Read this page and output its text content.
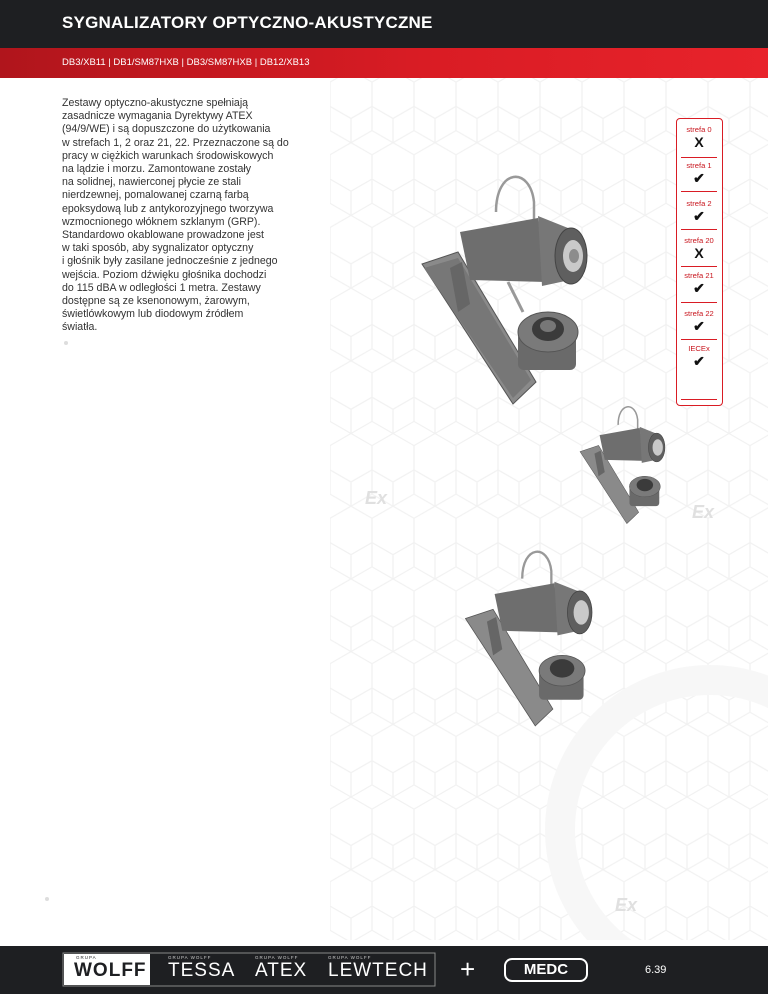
SYGNALIZATORY OPTYCZNO-AKUSTYCZNE
DB3/XB11 | DB1/SM87HXB | DB3/SM87HXB | DB12/XB13
Zestawy optyczno-akustyczne spełniają
zasadnicze wymagania Dyrektywy ATEX
(94/9/WE) i są dopuszczone do użytkowania
w strefach 1, 2 oraz 21, 22. Przeznaczone są do
pracy w ciężkich warunkach środowiskowych
na lądzie i morzu. Zamontowane zostały
na solidnej, nawierconej płycie ze stali
nierdzewnej, pomalowanej czarną farbą
epoksydową lub z antykorozyjnego tworzywa
wzmocnionego włóknem szklanym (GRP).
Standardowo okablowane prowadzone jest
w taki sposób, aby sygnalizator optyczny
i głośnik były zasilane jednocześnie z jednego
wejścia. Poziom dźwięku głośnika dochodzi
do 115 dBA w odległości 1 metra. Zestawy
dostępne są ze ksenonowym, żarowym,
świetlówkowym lub diodowym źródłem
światła.
strefa 0
X
strefa 1
✔
strefa 2
✔
strefa 20
X
strefa 21
✔
strefa 22
✔
IECEx
✔
Ex
Ex
Ex
GRUPA
WOLFF
GRUPA WOLFF
TESSA
GRUPA WOLFF
ATEX
GRUPA WOLFF
LEWTECH +	MEDC	6.39
